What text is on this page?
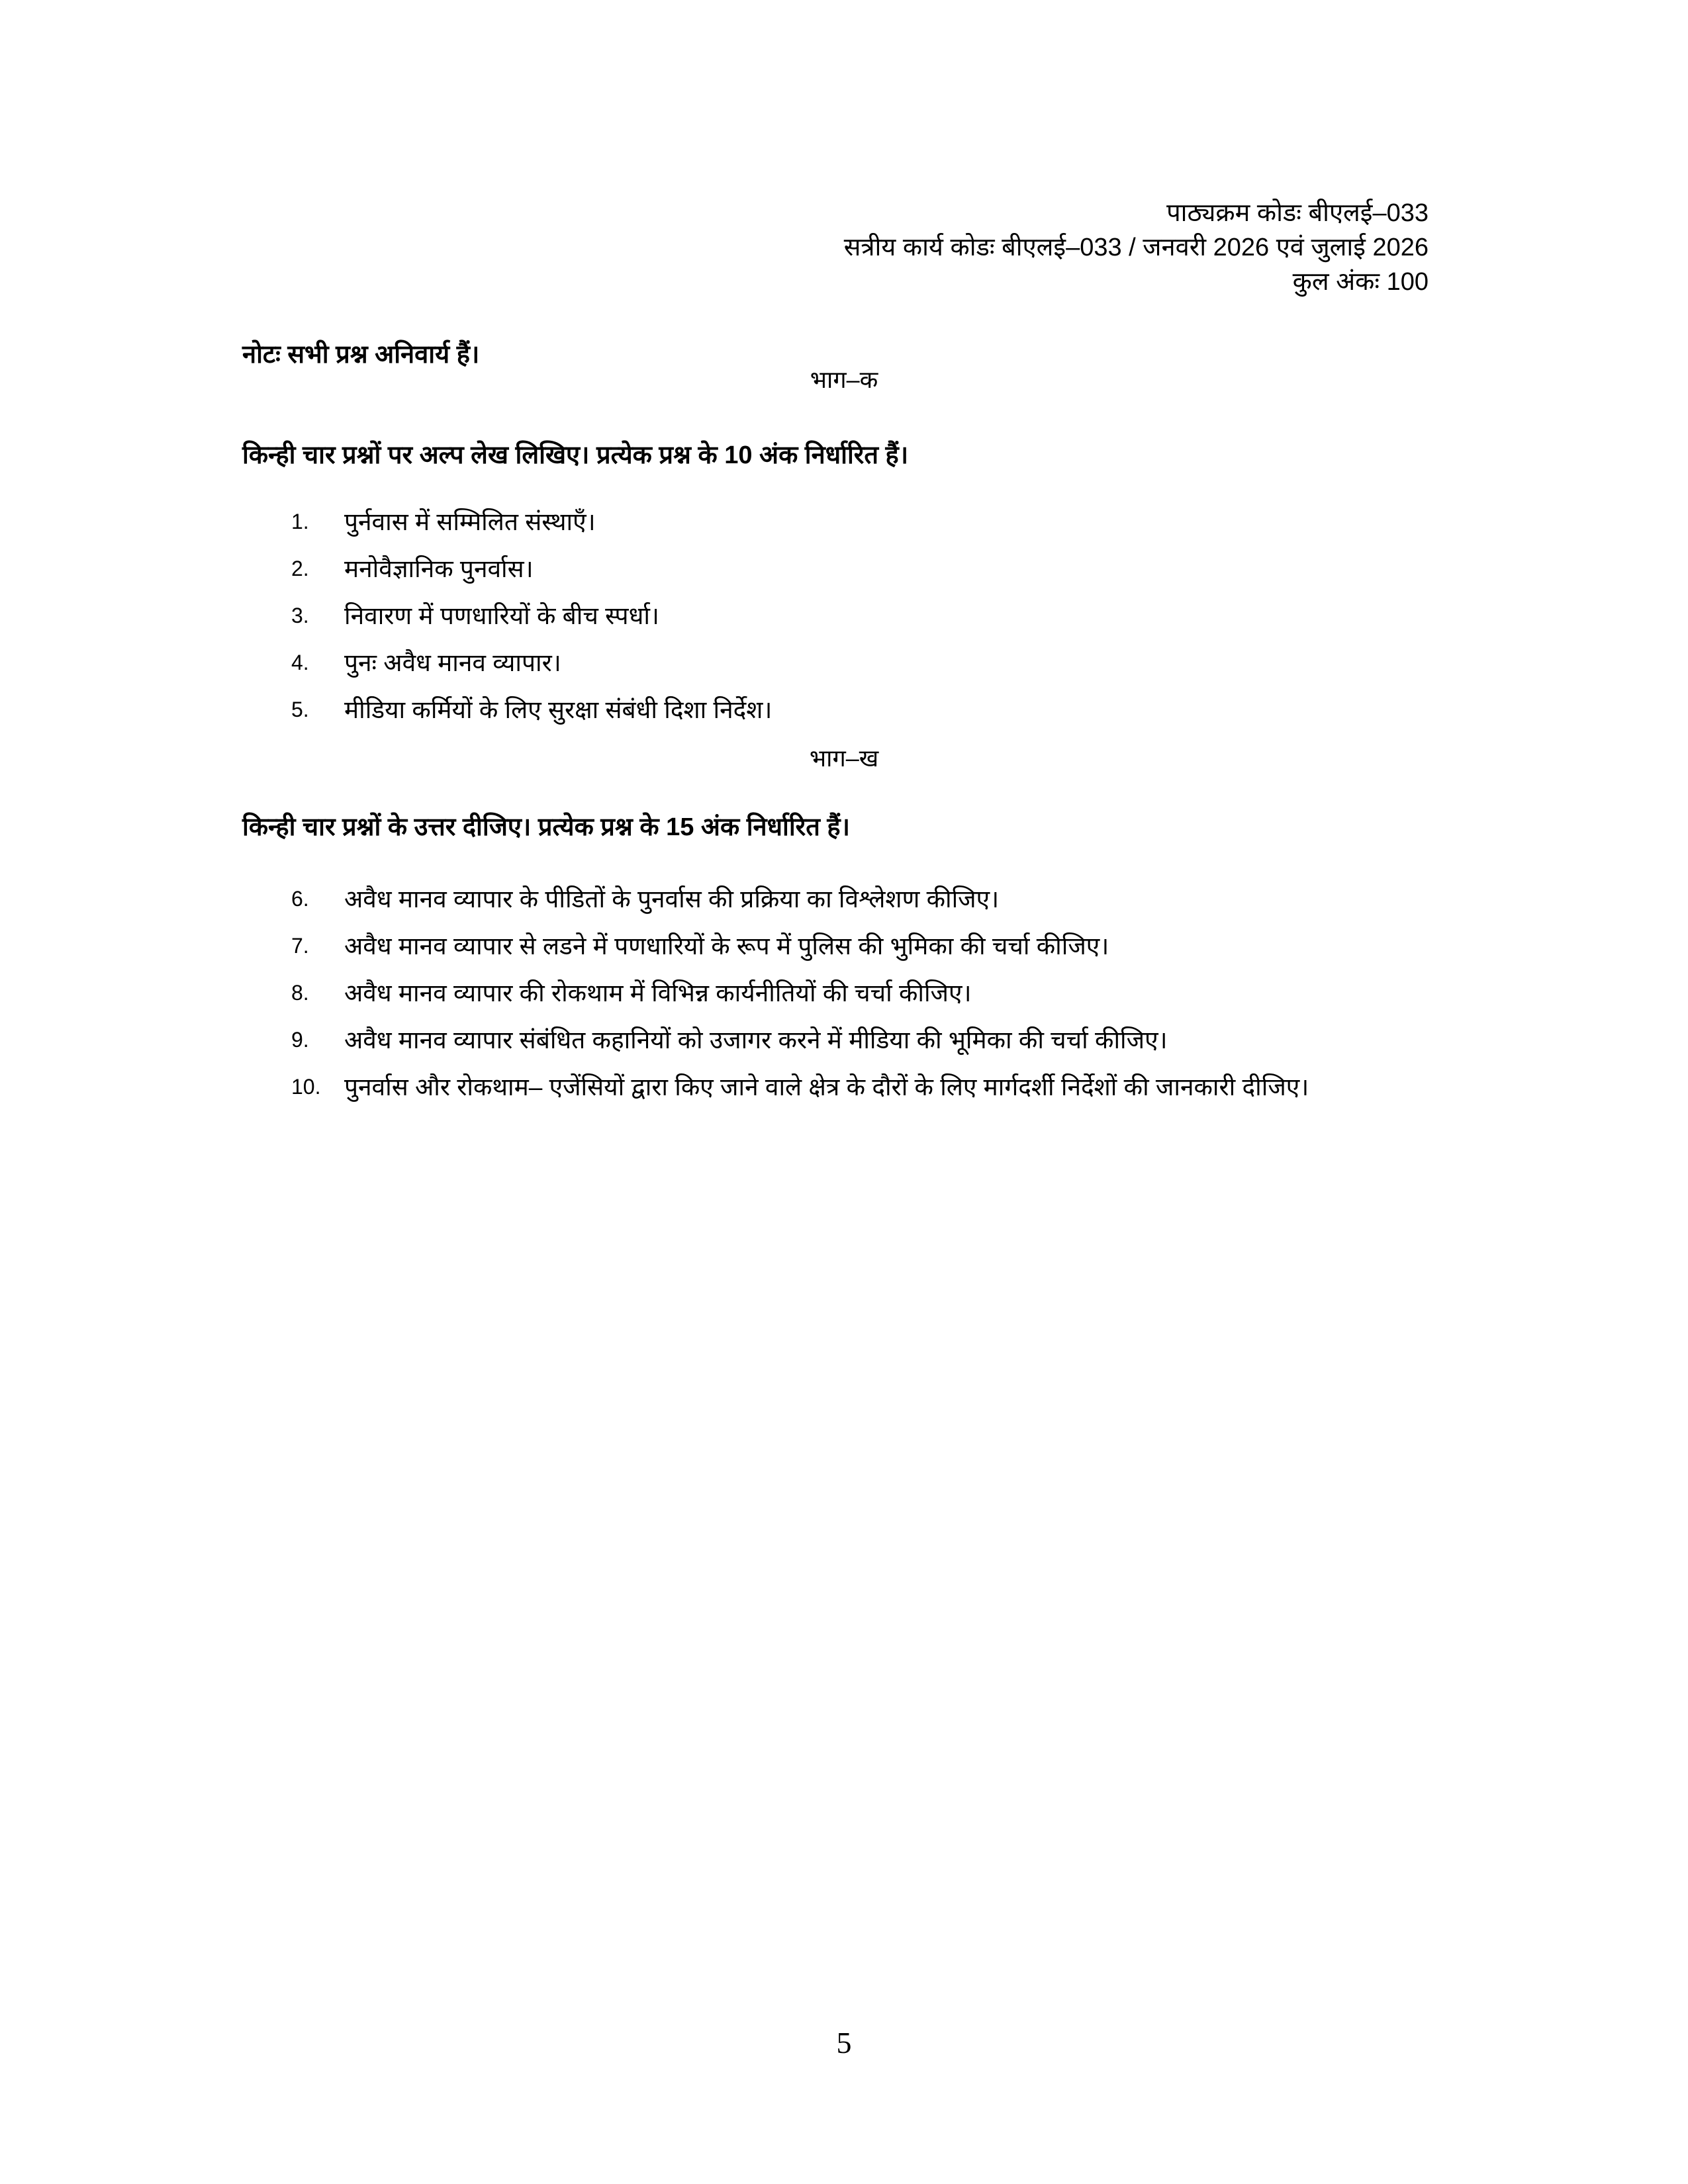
पाठ्यक्रम कोडः बीएलई–033
सत्रीय कार्य कोडः बीएलई–033 / जनवरी 2026 एवं जुलाई 2026
कुल अंकः 100
नोटः सभी प्रश्न अनिवार्य हैं।
भाग–क
किन्ही चार प्रश्नों पर अल्प लेख लिखिए। प्रत्येक प्रश्न के 10 अंक निर्धारित हैं।
1.	पुर्नवास में सम्मिलित संस्थाएँ।
2.	मनोवैज्ञानिक पुनर्वास।
3.	निवारण में पणधारियों के बीच स्पर्धा।
4.	पुनः अवैध मानव व्यापार।
5.	मीडिया कर्मियों के लिए सुरक्षा संबंधी दिशा निर्देश।
भाग–ख
किन्ही चार प्रश्नों के उत्तर दीजिए। प्रत्येक प्रश्न के 15 अंक निर्धारित हैं।
6.	अवैध मानव व्यापार के पीडितों के पुनर्वास की प्रक्रिया का विश्लेशण कीजिए।
7.	अवैध मानव व्यापार से लडने में पणधारियों के रूप में पुलिस की भुमिका की चर्चा कीजिए।
8.	अवैध मानव व्यापार की रोकथाम में विभिन्न कार्यनीतियों की चर्चा कीजिए।
9.	अवैध मानव व्यापार संबंधित कहानियों को उजागर करने में मीडिया की भूमिका की चर्चा कीजिए।
10. पुनर्वास और रोकथाम– एजेंसियों द्वारा किए जाने वाले क्षेत्र के दौरों के लिए मार्गदर्शी निर्देशों की जानकारी दीजिए।
5
